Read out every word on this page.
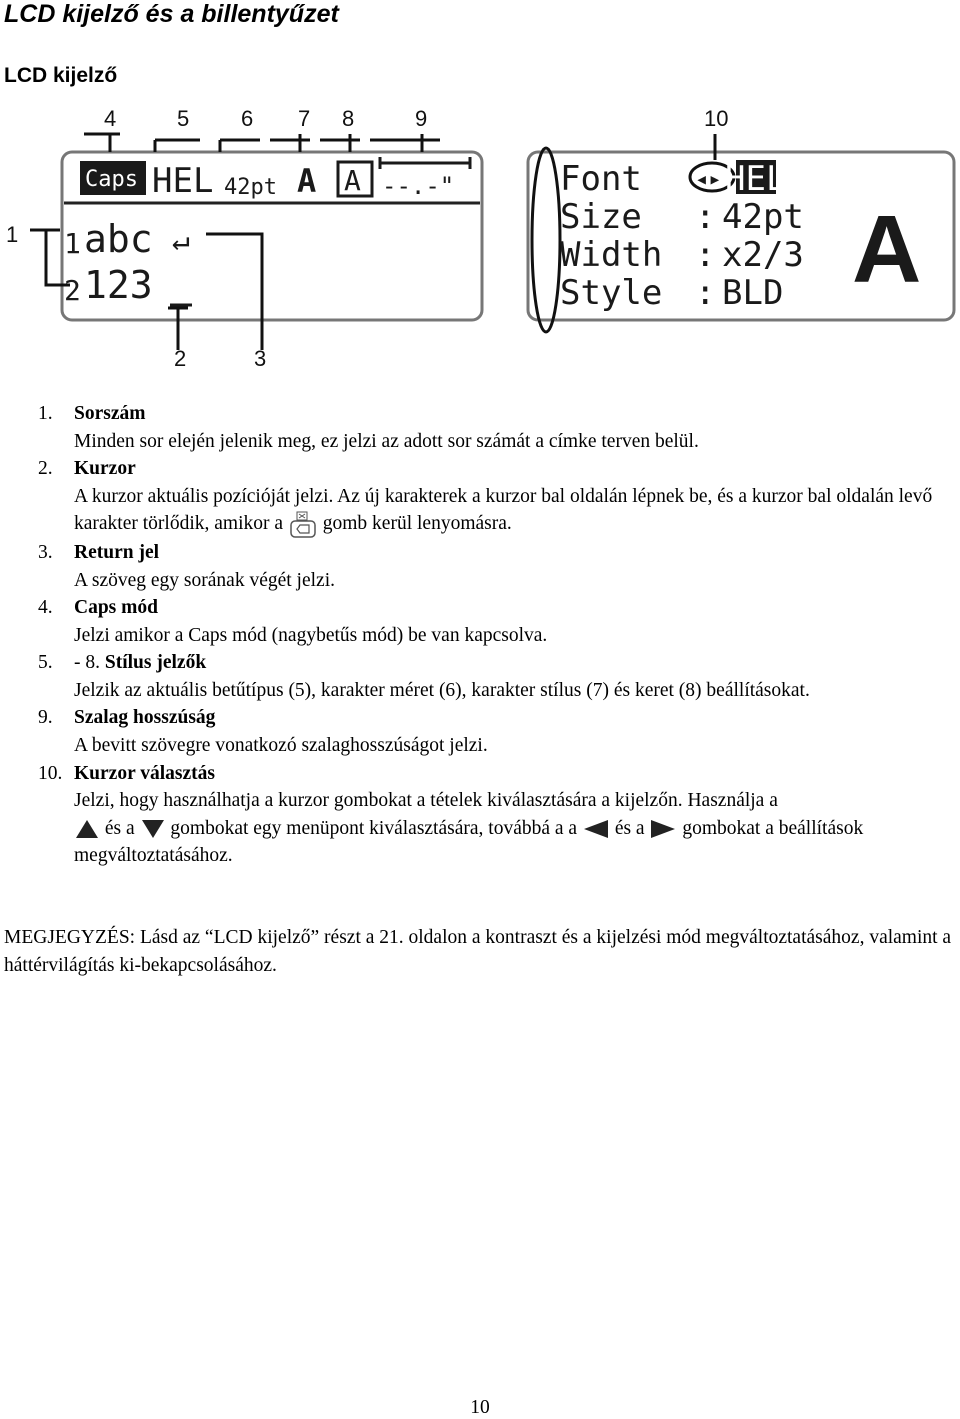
LCD kijelző és a billentyűzet
LCD kijelző
4	5 6 7 8	9	10
1
2	3
Caps HEL 42pt A A --.-"
1 abc ↵
2 123
Font
Size
Width
Style
◂▸ HEL
: 42pt
: x2/3
: BLD A
1. Sorszám
Minden sor elején jelenik meg, ez jelzi az adott sor számát a címke terven belül.
2. Kurzor
A kurzor aktuális pozícióját jelzi. Az új karakterek a kurzor bal oldalán lépnek be, és a kurzor bal oldalán levő karakter törlődik, amikor a gomb kerül lenyomásra.
3. Return jel
A szöveg egy sorának végét jelzi.
4. Caps mód
Jelzi amikor a Caps mód (nagybetűs mód) be van kapcsolva.
5. - 8. Stílus jelzők
Jelzik az aktuális betűtípus (5), karakter méret (6), karakter stílus (7) és keret (8) beállításokat.
9. Szalag hosszúság
A bevitt szövegre vonatkozó szalaghosszúságot jelzi.
10. Kurzor választás
Jelzi, hogy használhatja a kurzor gombokat a tételek kiválasztására a kijelzőn. Használja a
és a gombokat egy menüpont kiválasztására, továbbá a a és a gombokat a beállítások megváltoztatásához.
MEGJEGYZÉS: Lásd az “LCD kijelző” részt a 21. oldalon a kontraszt és a kijelzési mód megváltoztatásához, valamint a háttérvilágítás ki-bekapcsolásához.
10
